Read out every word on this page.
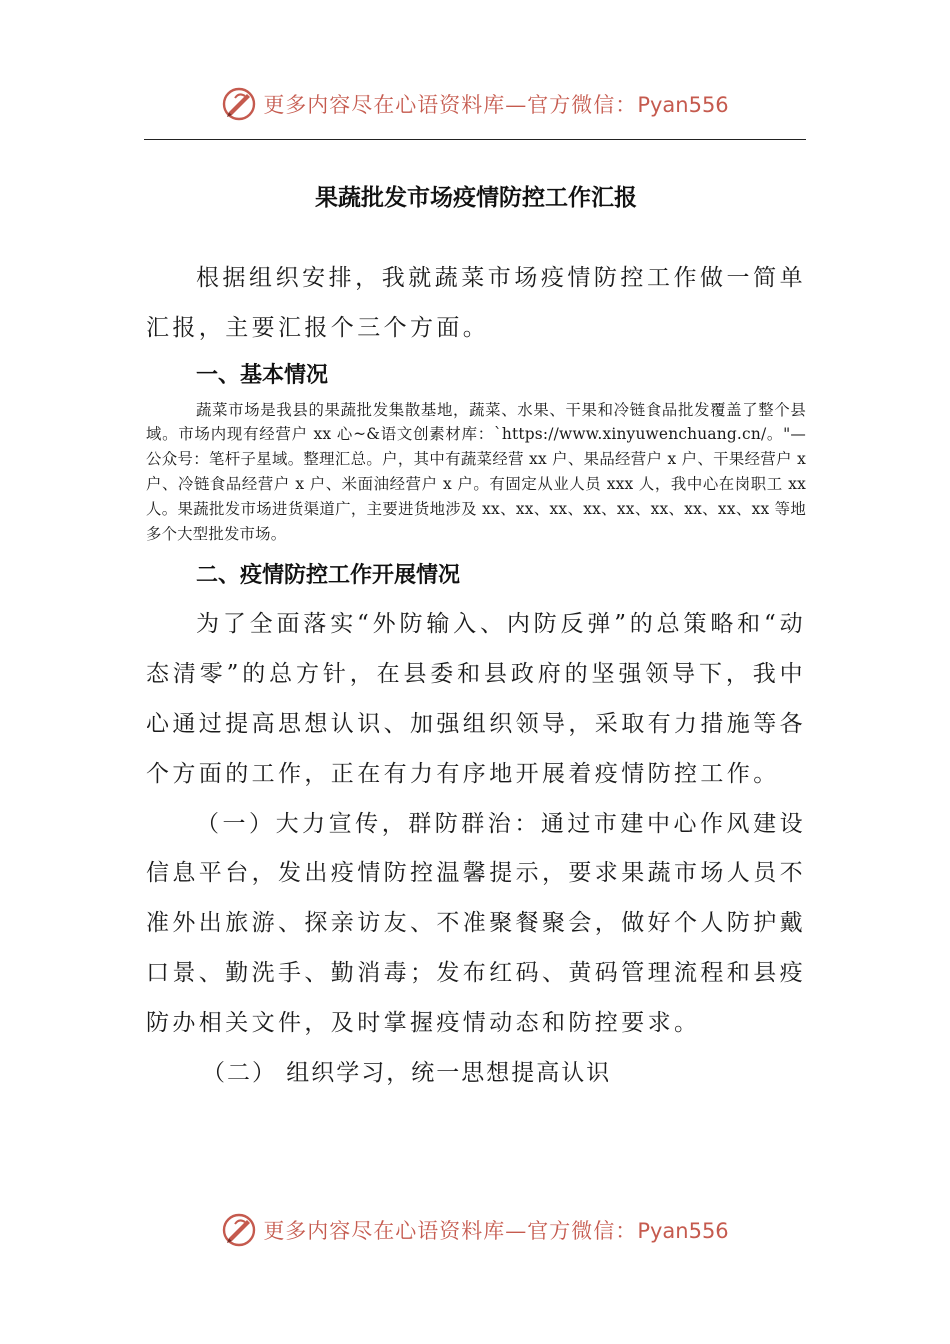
更多内容尽在心语资料库—官方微信：Pyan556
果蔬批发市场疫情防控工作汇报

根据组织安排，我就蔬菜市场疫情防控工作做一简单汇报，主要汇报个三个方面。

一、基本情况

蔬菜市场是我县的果蔬批发集散基地，蔬菜、水果、干果和冷链食品批发覆盖了整个县域。市场内现有经营户 xx 心~&语文创素材库：`https://www.xinyuwenchuang.cn/。"—公众号：笔杆子星域。整理汇总。户，其中有蔬菜经营 xx 户、果品经营户 x 户、干果经营户 x 户、冷链食品经营户 x 户、米面油经营户 x 户。有固定从业人员 xxx 人，我中心在岗职工 xx 人。果蔬批发市场进货渠道广，主要进货地涉及 xx、xx、xx、xx、xx、xx、xx、xx、xx 等地多个大型批发市场。

二、疫情防控工作开展情况

为了全面落实“外防输入、内防反弹”的总策略和“动态清零”的总方针，在县委和县政府的坚强领导下，我中心通过提高思想认识、加强组织领导，采取有力措施等各个方面的工作，正在有力有序地开展着疫情防控工作。

（一）大力宣传，群防群治：通过市建中心作风建设信息平台，发出疫情防控温馨提示，要求果蔬市场人员不准外出旅游、探亲访友、不准聚餐聚会，做好个人防护戴口景、勤洗手、勤消毒；发布红码、黄码管理流程和县疫防办相关文件，及时掌握疫情动态和防控要求。

（二） 组织学习，统一思想提高认识

更多内容尽在心语资料库—官方微信：Pyan556
